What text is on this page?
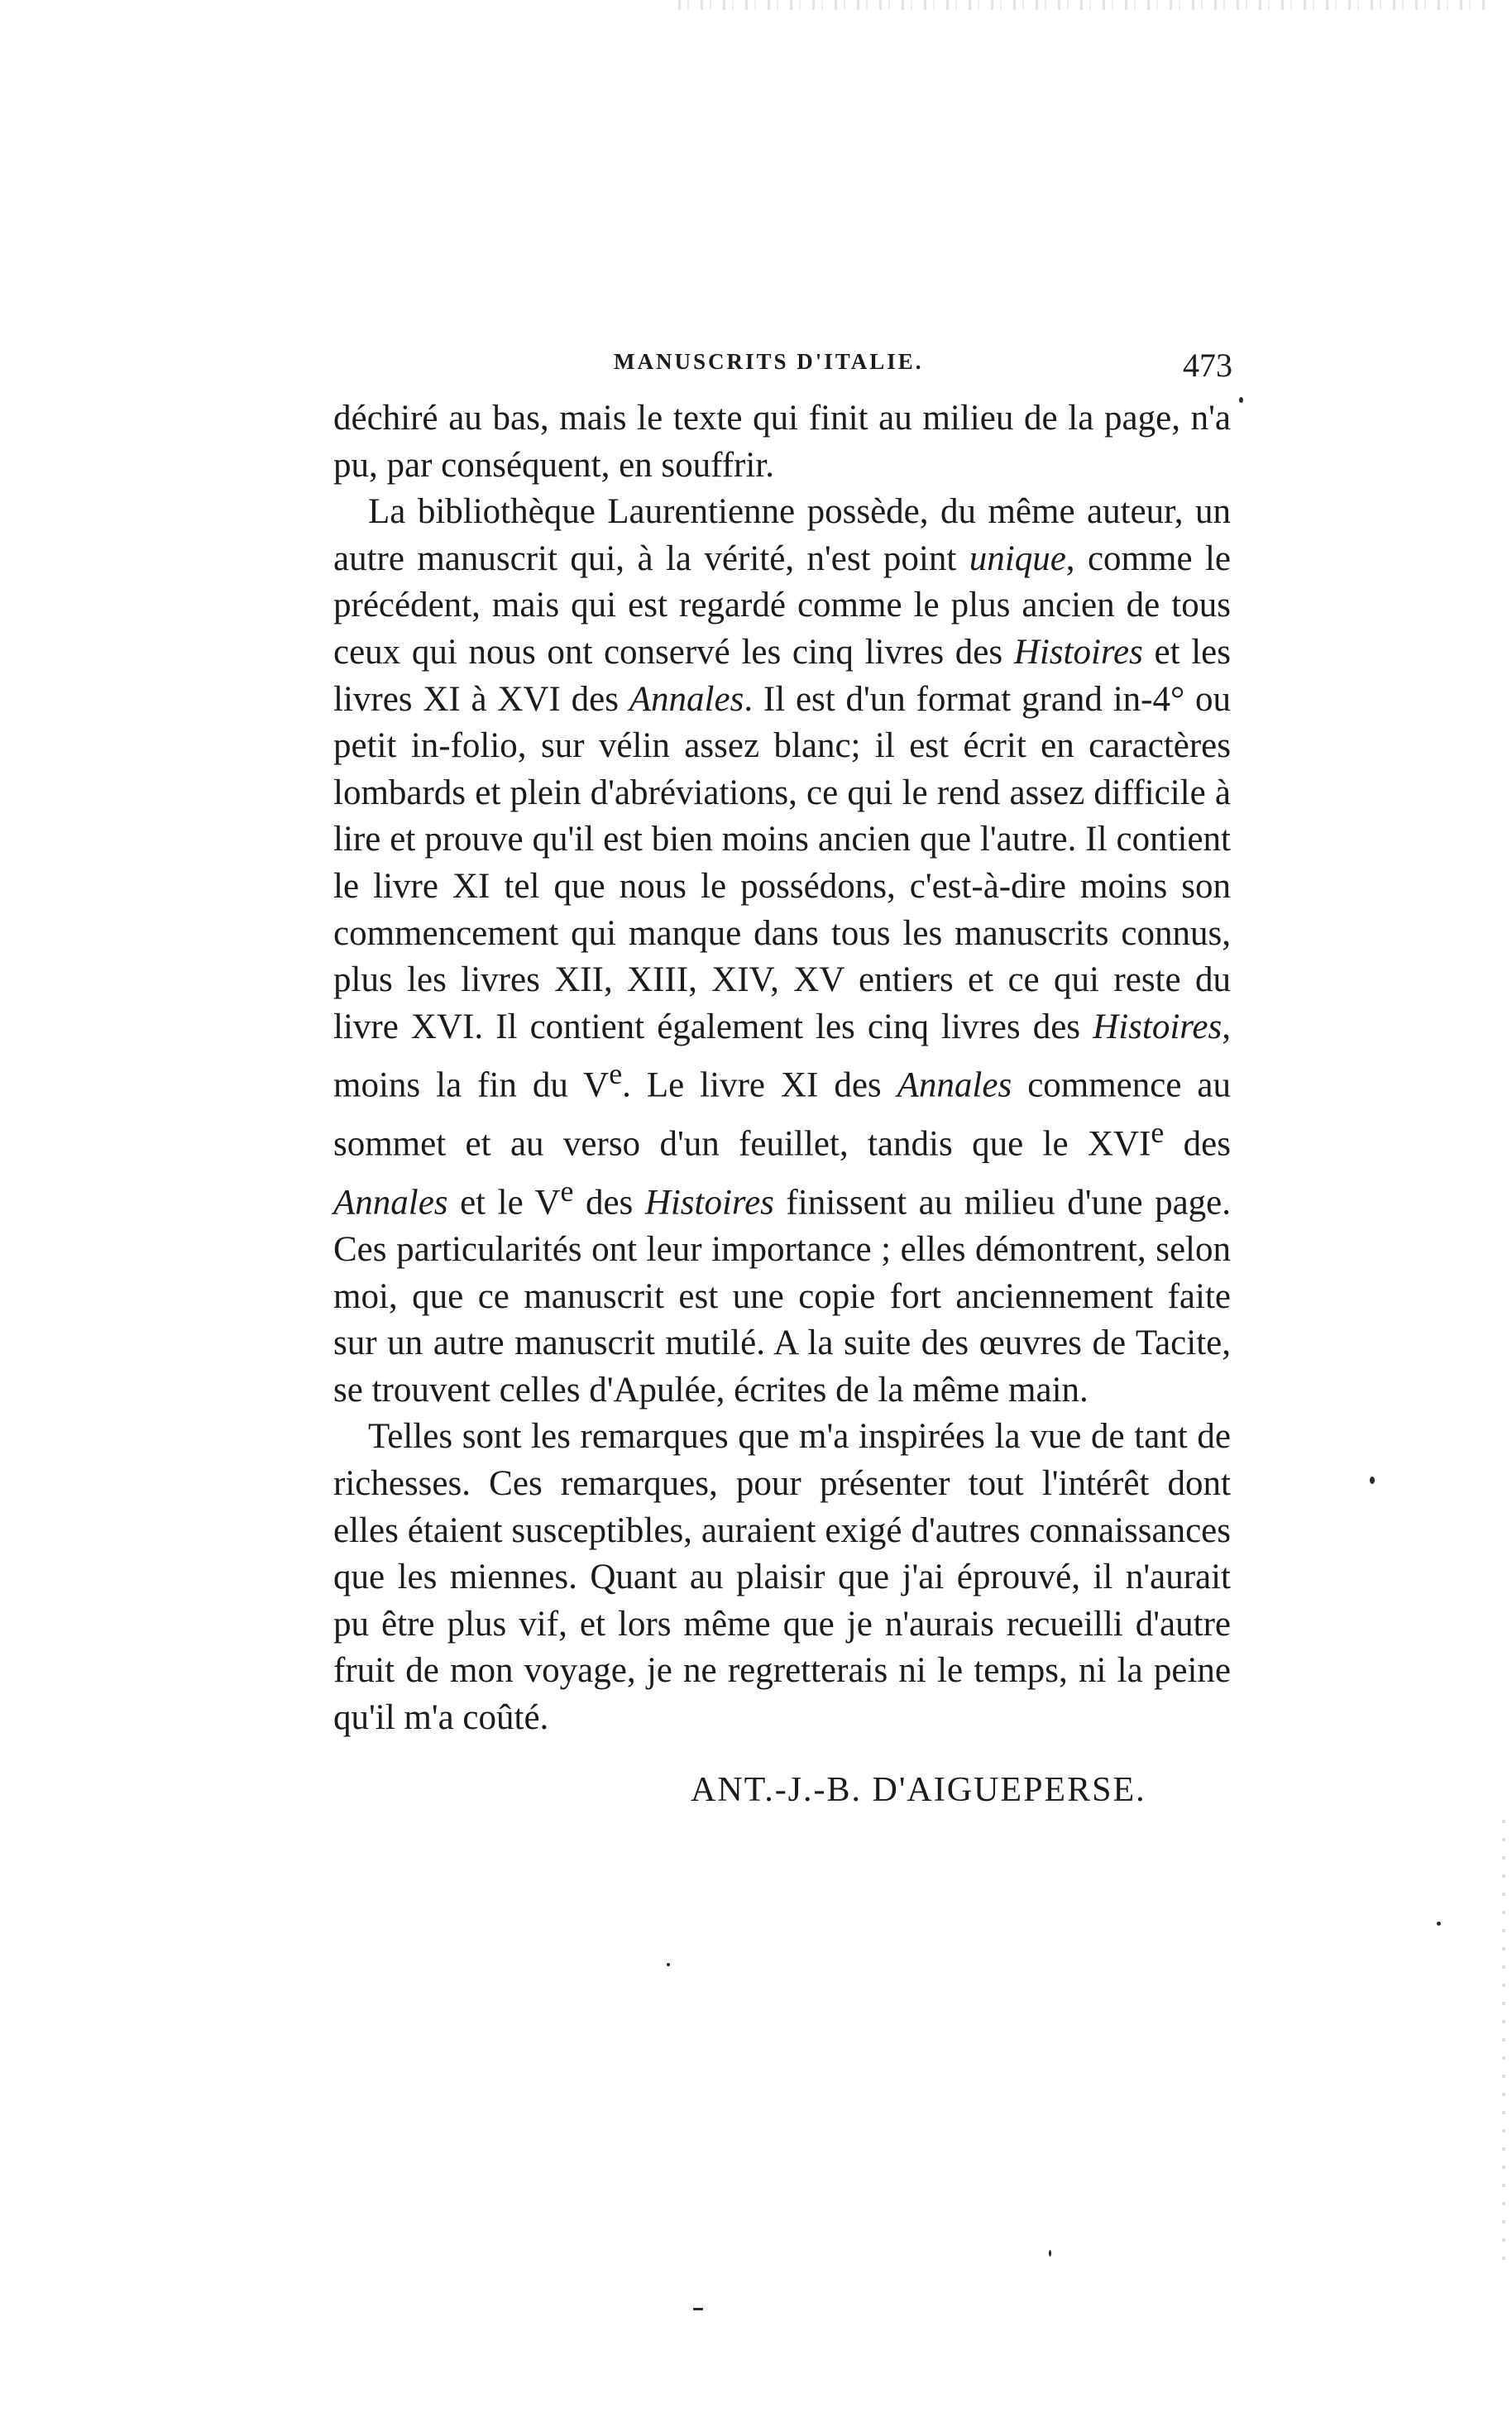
MANUSCRITS D'ITALIE.	473

déchiré au bas, mais le texte qui finit au milieu de la page, n'a pu, par conséquent, en souffrir.

La bibliothèque Laurentienne possède, du même auteur, un autre manuscrit qui, à la vérité, n'est point unique, comme le précédent, mais qui est regardé comme le plus ancien de tous ceux qui nous ont conservé les cinq livres des Histoires et les livres XI à XVI des Annales. Il est d'un format grand in-4° ou petit in-folio, sur vélin assez blanc; il est écrit en caractères lombards et plein d'abréviations, ce qui le rend assez difficile à lire et prouve qu'il est bien moins ancien que l'autre. Il contient le livre XI tel que nous le possédons, c'est-à-dire moins son commencement qui manque dans tous les manuscrits connus, plus les livres XII, XIII, XIV, XV entiers et ce qui reste du livre XVI. Il contient également les cinq livres des Histoires, moins la fin du Ve. Le livre XI des Annales commence au sommet et au verso d'un feuillet, tandis que le XVIe des Annales et le Ve des Histoires finissent au milieu d'une page. Ces particularités ont leur importance ; elles démontrent, selon moi, que ce manuscrit est une copie fort anciennement faite sur un autre manuscrit mutilé. A la suite des œuvres de Tacite, se trouvent celles d'Apulée, écrites de la même main.

Telles sont les remarques que m'a inspirées la vue de tant de richesses. Ces remarques, pour présenter tout l'intérêt dont elles étaient susceptibles, auraient exigé d'autres connaissances que les miennes. Quant au plaisir que j'ai éprouvé, il n'aurait pu être plus vif, et lors même que je n'aurais recueilli d'autre fruit de mon voyage, je ne regretterais ni le temps, ni la peine qu'il m'a coûté.

ANT.-J.-B. D'AIGUEPERSE.
